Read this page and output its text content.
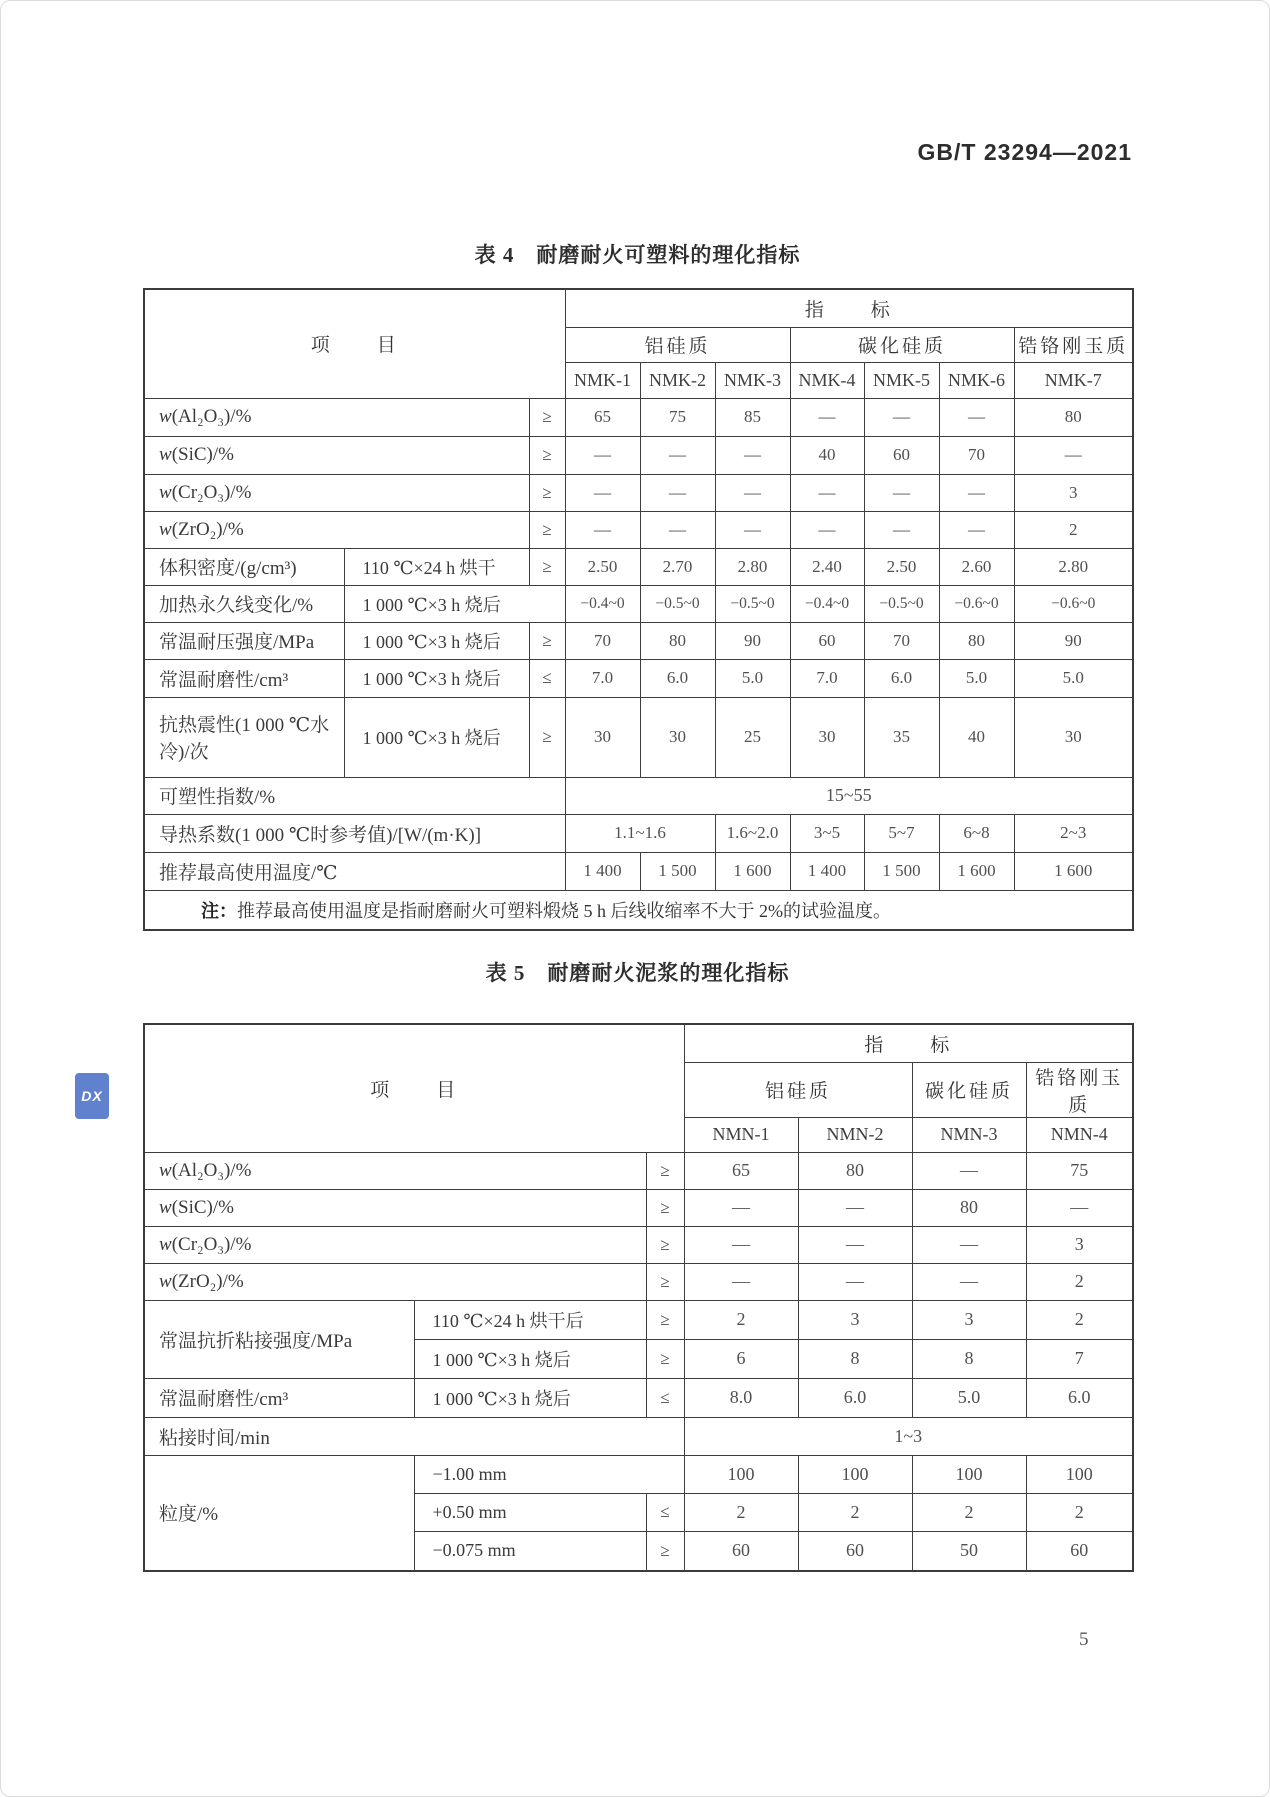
GB/T 23294—2021
表 4　耐磨耐火可塑料的理化指标
项　　目			指　　标						
			铝硅质			碳化硅质			锆铬刚玉质
			NMK-1	NMK-2	NMK-3	NMK-4	NMK-5	NMK-6	NMK-7
w(Al₂O₃)/%		≥	65	75	85	—	—	—	80
w(SiC)/%		≥	—	—	—	40	60	70	—
w(Cr₂O₃)/%		≥	—	—	—	—	—	—	3
w(ZrO₂)/%		≥	—	—	—	—	—	—	2
体积密度/(g/cm³)	110 ℃×24 h 烘干	≥	2.50	2.70	2.80	2.40	2.50	2.60	2.80
加热永久线变化/%	1 000 ℃×3 h 烧后		−0.4~0	−0.5~0	−0.5~0	−0.4~0	−0.5~0	−0.6~0	−0.6~0
常温耐压强度/MPa	1 000 ℃×3 h 烧后	≥	70	80	90	60	70	80	90
常温耐磨性/cm³	1 000 ℃×3 h 烧后	≤	7.0	6.0	5.0	7.0	6.0	5.0	5.0
抗热震性(1 000 ℃水冷)/次	1 000 ℃×3 h 烧后	≥	30	30	25	30	35	40	30
可塑性指数/%			15~55						
导热系数(1 000 ℃时参考值)/[W/(m·K)]			1.1~1.6		1.6~2.0	3~5	5~7	6~8	2~3
推荐最高使用温度/℃			1 400	1 500	1 600	1 400	1 500	1 600	1 600
注：推荐最高使用温度是指耐磨耐火可塑料煅烧 5 h 后线收缩率不大于 2%的试验温度。									
表 5　耐磨耐火泥浆的理化指标
项　　目			指　　标			
			铝硅质		碳化硅质	锆铬刚玉质
			NMN-1	NMN-2	NMN-3	NMN-4
w(Al₂O₃)/%		≥	65	80	—	75
w(SiC)/%		≥	—	—	80	—
w(Cr₂O₃)/%		≥	—	—	—	3
w(ZrO₂)/%		≥	—	—	—	2
常温抗折粘接强度/MPa	110 ℃×24 h 烘干后	≥	2	3	3	2
	1 000 ℃×3 h 烧后	≥	6	8	8	7
常温耐磨性/cm³	1 000 ℃×3 h 烧后	≤	8.0	6.0	5.0	6.0
粘接时间/min			1~3			
粒度/%	−1.00 mm		100	100	100	100
	+0.50 mm	≤	2	2	2	2
	−0.075 mm	≥	60	60	50	60
DX
5
